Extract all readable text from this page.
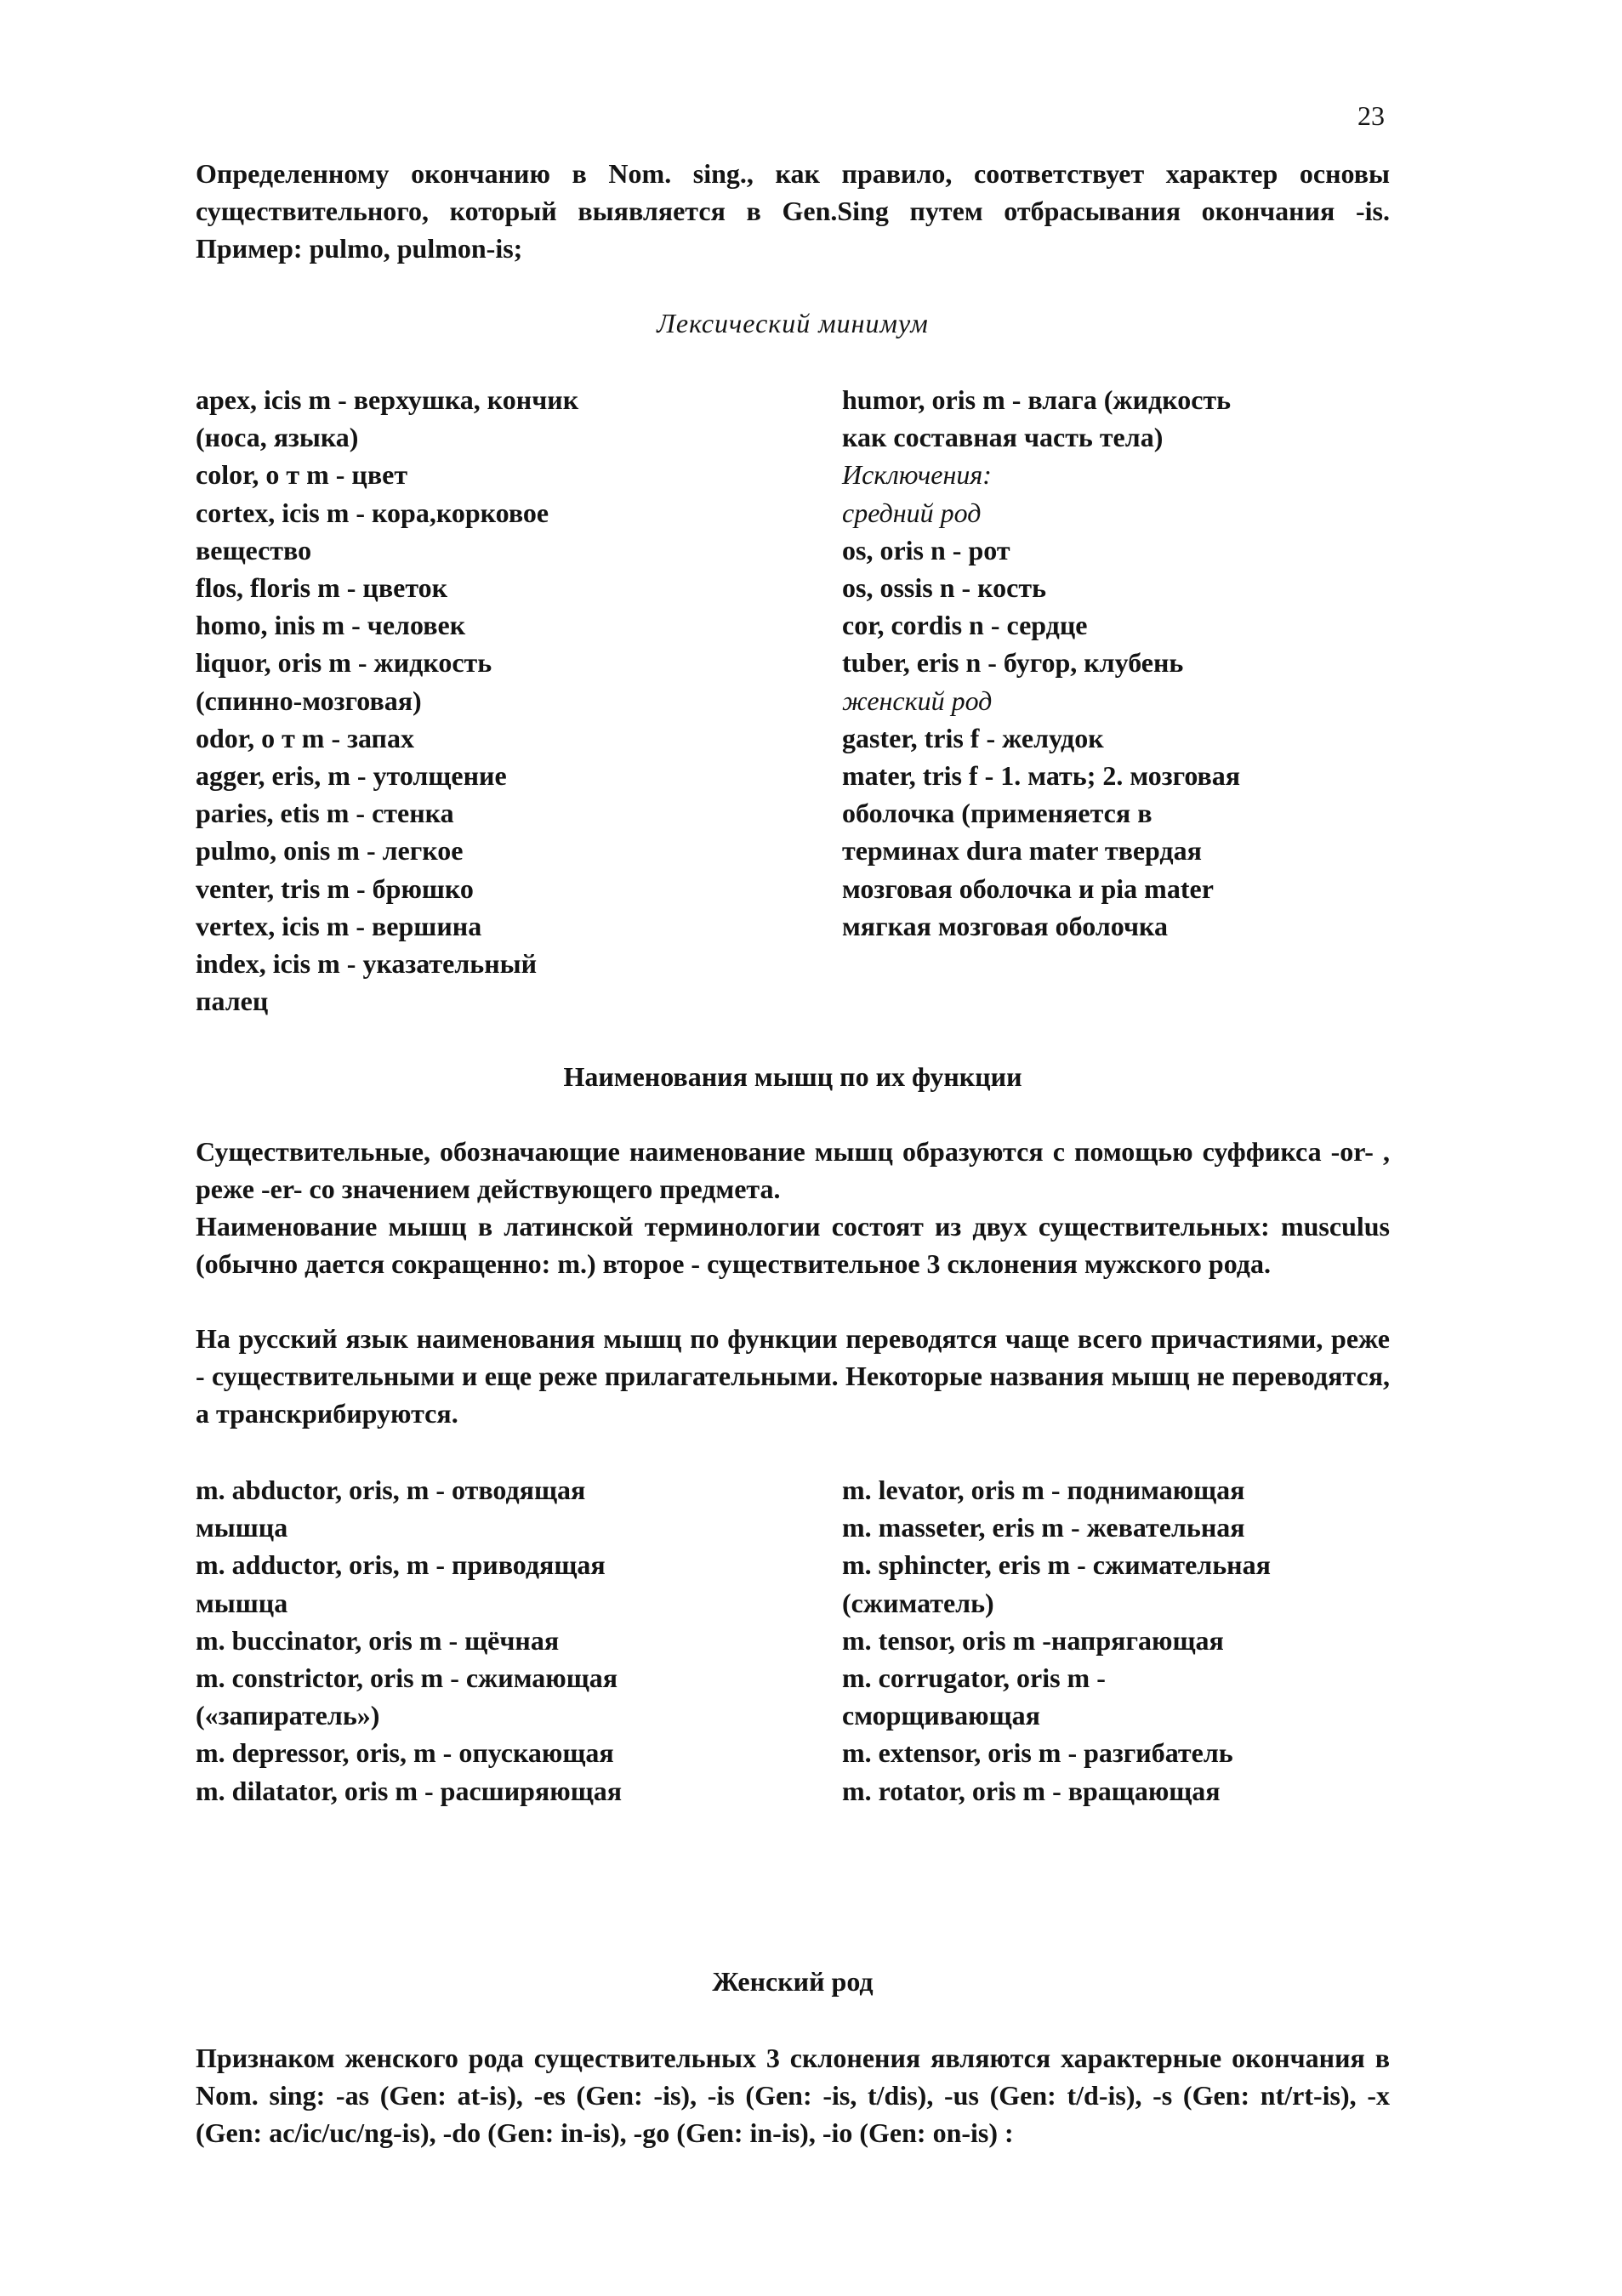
23

Определенному окончанию в Nom. sing., как правило, соответствует характер основы существительного, который выявляется в Gen.Sing путем отбрасывания окончания -is. Пример: pulmo, pulmon-is;

Лексический минимум
apex, icis m - верхушка, кончик
(носа, языка)
color, o т m - цвет
cortex, icis m - кора,корковое
вещество
flos, floris m - цветок
homo, inis m - человек
liquor, oris m - жидкость
(спинно-мозговая)
odor, o т m - запах
agger, eris, m - утолщение
paries, etis m - стенка
pulmo, onis m - легкое
venter, tris m - брюшко
vertex, icis m - вершина
index, icis m - указательный
палец
humor, oris m - влага (жидкость
как составная часть тела)
Исключения:
средний род
os, oris n - рот
os, ossis n - кость
cor, cordis n - сердце
tuber, eris n - бугор, клубень
женский род
gaster, tris f - желудок
mater, tris f - 1. мать; 2. мозговая
оболочка (применяется в
терминах dura mater твердая
мозговая оболочка и pia mater
мягкая мозговая оболочка
Наименования мышц по их функции

Существительные, обозначающие наименование мышц образуются с помощью суффикса -or- , реже -er- со значением действующего предмета.

Наименование мышц в латинской терминологии состоят из двух существительных: musculus (обычно дается сокращенно: m.) второе - существительное 3 склонения мужского рода.

На русский язык наименования мышц по функции переводятся чаще всего причастиями, реже - существительными и еще реже прилагательными. Некоторые названия мышц не переводятся, а транскрибируются.

m. abductor, oris, m - отводящая
мышца
m. adductor, oris, m - приводящая
мышца
m. buccinator, oris m - щёчная
m. constrictor, oris m - сжимающая
(«запиратель»)
m. depressor, oris, m - опускающая
m. dilatator, oris m - расширяющая
m. levator, oris m - поднимающая
m. masseter, eris m - жевательная
m. sphincter, eris m - сжимательная
(сжиматель)
m. tensor, oris m -напрягающая
m. corrugator, oris m -
сморщивающая
m. extensor, oris m - разгибатель
m. rotator, oris m - вращающая
Женский род

Признаком женского рода существительных 3 склонения являются характерные окончания в Nom. sing: -as (Gen: at-is), -es (Gen: -is), -is (Gen: -is, t/dis), -us (Gen: t/d-is), -s (Gen: nt/rt-is), -x (Gen: ac/ic/uc/ng-is), -do (Gen: in-is), -go (Gen: in-is), -io (Gen: on-is) :
